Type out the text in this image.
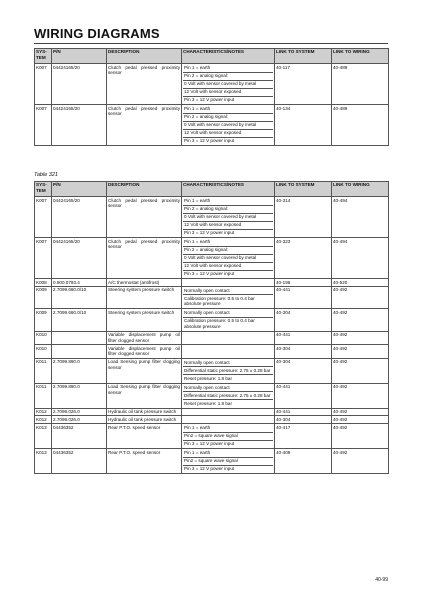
WIRING DIAGRAMS
SYS-TEM	P/N	DESCRIPTION	CHARACTERISTICS/NOTES	LINK TO SYSTEM	LINK TO WIRING
K007	04424165/20	Clutch pedal pressed proximity sensor	Pin 1 = earth
Pin 2 = analog signal:
0 Volt with sensor covered by metal
12 Volt with sensor exposed
Pin 3 = 12 V power input	40-117	40-489
K007	04424165/20	Clutch pedal pressed proximity sensor	Pin 1 = earth
Pin 2 = analog signal:
0 Volt with sensor covered by metal
12 Volt with sensor exposed
Pin 3 = 12 V power input	40-134	40-489
Table 321
SYS-TEM	P/N	DESCRIPTION	CHARACTERISTICS/NOTES	LINK TO SYSTEM	LINK TO WIRING
K007	04424165/20	Clutch pedal pressed proximity sensor	Pin 1 = earth
Pin 2 = analog signal:
0 Volt with sensor covered by metal
12 Volt with sensor exposed
Pin 3 = 12 V power input	40-314	40-494
K007	04424165/20	Clutch pedal pressed proximity sensor	Pin 1 = earth
Pin 2 = analog signal:
0 Volt with sensor covered by metal
12 Volt with sensor exposed
Pin 3 = 12 V power input	40-323	40-494
K008	0.900.0793.4	A/C thermostat (antifrost)		40-196	40-520
K009	2.7099.660.0/10	Steering system pressure switch	Normally open contact
Calibration pressure: 0.5 to 0.4 bar absolute pressure	40-441	40-492
K009	2.7099.660.0/10	Steering system pressure switch	Normally open contact
Calibration pressure: 0.5 to 0.4 bar absolute pressure	40-304	40-492
K010		Variable displacement pump oil filter clogged sensor		40-441	40-492
K010		Variable displacement pump oil filter clogged sensor		40-304	40-492
K011	2.7099.890.0	Load Sensing pump filter clogging sensor	Normally open contact
Differential static pressure: 2.75 ± 0.28 bar
Reset pressure: 1.8 bar	40-304	40-492
K011	2.7099.890.0	Load Sensing pump filter clogging sensor	Normally open contact
Differential static pressure: 2.75 ± 0.28 bar
Reset pressure: 1.8 bar	40-441	40-492
K012	2.7099.026.0	Hydraulic oil tank pressure switch		40-441	40-492
K012	2.7099.026.0	Hydraulic oil tank pressure switch		40-304	40-492
K013	04436352	Rear P.T.O. speed sensor	Pin 1 = earth
Pin2 = square wave signal
Pin 3 = 12 V power input	40-417	40-492
K013	04436352	Rear P.T.O. speed sensor	Pin 1 = earth
Pin2 = square wave signal
Pin 3 = 12 V power input	40-409	40-492
40-99
